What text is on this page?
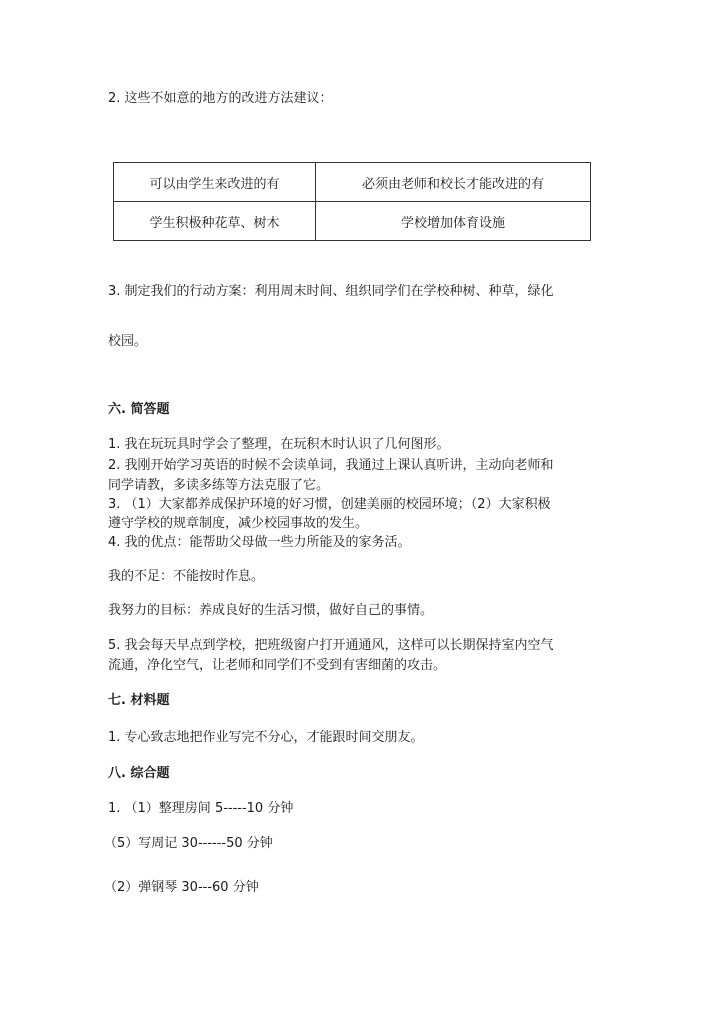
2. 这些不如意的地方的改进方法建议：
可以由学生来改进的有	必须由老师和校长才能改进的有
学生积极种花草、树木	学校增加体育设施
3. 制定我们的行动方案：利用周末时间、组织同学们在学校种树、种草，绿化
校园。
六. 简答题
1. 我在玩玩具时学会了整理，在玩积木时认识了几何图形。
2. 我刚开始学习英语的时候不会读单词，我通过上课认真听讲，主动向老师和
同学请教，多读多练等方法克服了它。
3. （1）大家都养成保护环境的好习惯，创建美丽的校园环境；（2）大家积极
遵守学校的规章制度，减少校园事故的发生。
4. 我的优点：能帮助父母做一些力所能及的家务活。
我的不足：不能按时作息。
我努力的目标：养成良好的生活习惯，做好自己的事情。
5. 我会每天早点到学校，把班级窗户打开通通风，这样可以长期保持室内空气
流通，净化空气，让老师和同学们不受到有害细菌的攻击。
七. 材料题
1. 专心致志地把作业写完不分心，才能跟时间交朋友。
八. 综合题
1. （1）整理房间 5-----10 分钟
（5）写周记 30------50 分钟
（2）弹钢琴 30---60 分钟
